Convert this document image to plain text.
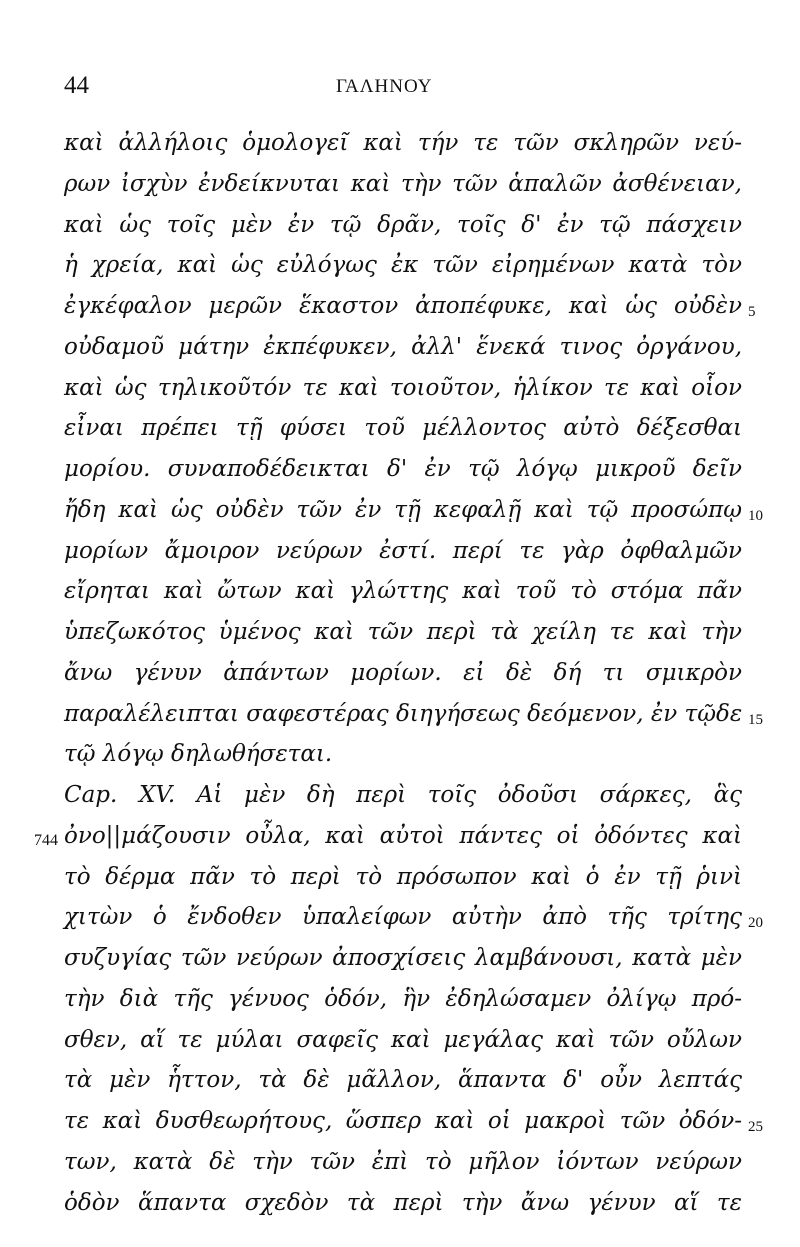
44	ΓΑΛΗΝΟΥ
καὶ ἀλλήλοις ὁμολογεῖ καὶ τήν τε τῶν σκληρῶν νεύ-
ρων ἰσχὺν ἐνδείκνυται καὶ τὴν τῶν ἁπαλῶν ἀσθένειαν,
καὶ ὡς τοῖς μὲν ἐν τῷ δρᾶν, τοῖς δ' ἐν τῷ πάσχειν
ἡ χρεία, καὶ ὡς εὐλόγως ἐκ τῶν εἰρημένων κατὰ τὸν
ἐγκέφαλον μερῶν ἕκαστον ἀποπέφυκε, καὶ ὡς οὐδὲν 5
οὐδαμοῦ μάτην ἐκπέφυκεν, ἀλλ' ἕνεκά τινος ὀργάνου,
καὶ ὡς τηλικοῦτόν τε καὶ τοιοῦτον, ἡλίκον τε καὶ οἷον
εἶναι πρέπει τῇ φύσει τοῦ μέλλοντος αὐτὸ δέξεσθαι
μορίου. συναποδέδεικται δ' ἐν τῷ λόγῳ μικροῦ δεῖν
ἤδη καὶ ὡς οὐδὲν τῶν ἐν τῇ κεφαλῇ καὶ τῷ προσώπῳ 10
μορίων ἄμοιρον νεύρων ἐστί. περί τε γὰρ ὀφθαλμῶν
εἴρηται καὶ ὤτων καὶ γλώττης καὶ τοῦ τὸ στόμα πᾶν
ὑπεζωκότος ὑμένος καὶ τῶν περὶ τὰ χείλη τε καὶ τὴν
ἄνω γένυν ἁπάντων μορίων. εἰ δὲ δή τι σμικρὸν
παραλέλειπται σαφεστέρας διηγήσεως δεόμενον, ἐν τῷδε 15
τῷ λόγῳ δηλωθήσεται.
Cap. XV. Αἱ μὲν δὴ περὶ τοῖς ὀδοῦσι σάρκες, ἃς
744 ὀνο||μάζουσιν οὖλα, καὶ αὐτοὶ πάντες οἱ ὀδόντες καὶ
τὸ δέρμα πᾶν τὸ περὶ τὸ πρόσωπον καὶ ὁ ἐν τῇ ῥινὶ
χιτὼν ὁ ἔνδοθεν ὑπαλείφων αὐτὴν ἀπὸ τῆς τρίτης 20
συζυγίας τῶν νεύρων ἀποσχίσεις λαμβάνουσι, κατὰ μὲν
τὴν διὰ τῆς γένυος ὁδόν, ἣν ἐδηλώσαμεν ὀλίγῳ πρό-
σθεν, αἵ τε μύλαι σαφεῖς καὶ μεγάλας καὶ τῶν οὔλων
τὰ μὲν ἧττον, τὰ δὲ μᾶλλον, ἅπαντα δ' οὖν λεπτάς
τε καὶ δυσθεωρήτους, ὥσπερ καὶ οἱ μακροὶ τῶν ὀδόν- 25
των, κατὰ δὲ τὴν τῶν ἐπὶ τὸ μῆλον ἰόντων νεύρων
ὁδὸν ἅπαντα σχεδὸν τὰ περὶ τὴν ἄνω γένυν αἵ τε
